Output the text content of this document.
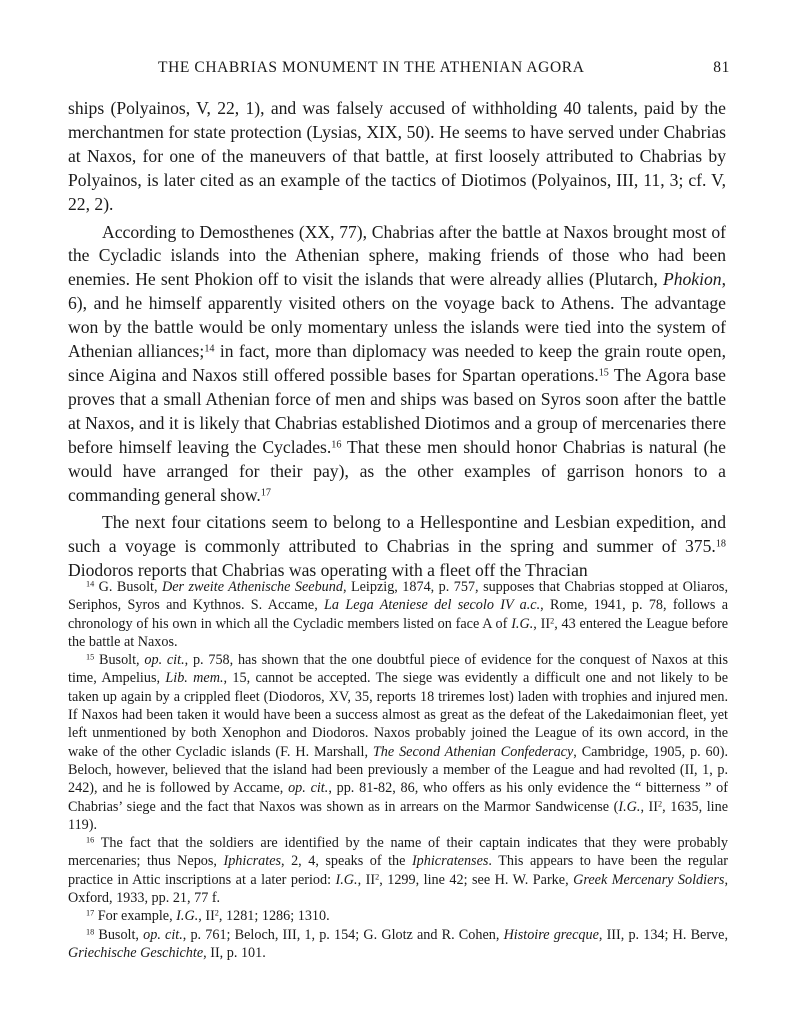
THE CHABRIAS MONUMENT IN THE ATHENIAN AGORA	81

ships (Polyainos, V, 22, 1), and was falsely accused of withholding 40 talents, paid by the merchantmen for state protection (Lysias, XIX, 50). He seems to have served under Chabrias at Naxos, for one of the maneuvers of that battle, at first loosely attributed to Chabrias by Polyainos, is later cited as an example of the tactics of Diotimos (Polyainos, III, 11, 3; cf. V, 22, 2).

According to Demosthenes (XX, 77), Chabrias after the battle at Naxos brought most of the Cycladic islands into the Athenian sphere, making friends of those who had been enemies. He sent Phokion off to visit the islands that were already allies (Plutarch, Phokion, 6), and he himself apparently visited others on the voyage back to Athens. The advantage won by the battle would be only momentary unless the islands were tied into the system of Athenian alliances;$^{14}$ in fact, more than diplomacy was needed to keep the grain route open, since Aigina and Naxos still offered possible bases for Spartan operations.$^{15}$ The Agora base proves that a small Athenian force of men and ships was based on Syros soon after the battle at Naxos, and it is likely that Chabrias established Diotimos and a group of mercenaries there before himself leaving the Cyclades.$^{16}$ That these men should honor Chabrias is natural (he would have arranged for their pay), as the other examples of garrison honors to a commanding general show.$^{17}$

The next four citations seem to belong to a Hellespontine and Lesbian expedition, and such a voyage is commonly attributed to Chabrias in the spring and summer of 375.18 Diodoros reports that Chabrias was operating with a fleet off the Thracian

$^{14}$ G. Busolt, Der zweite Athenische Seebund, Leipzig, 1874, p. 757, supposes that Chabrias stopped at Oliaros, Seriphos, Syros and Kythnos. S. Accame, La Lega Ateniese del secolo IV a.c., Rome, 1941, p. 78, follows a chronology of his own in which all the Cycladic members listed on face A of I.G., $II^2$, 43 entered the League before the battle at Naxos.

$^{15}$ Busolt, op. cit., p. 758, has shown that the one doubtful piece of evidence for the conquest of Naxos at this time, Ampelius, Lib. mem., 15, cannot be accepted. The siege was evidently a difficult one and not likely to be taken up again by a crippled fleet (Diodoros, XV, 35, reports 18 triremes lost) laden with trophies and injured men. If Naxos had been taken it would have been a success almost as great as the defeat of the Lakedaimonian fleet, yet left unmentioned by both Xenophon and Diodoros. Naxos probably joined the League of its own accord, in the wake of the other Cycladic islands (F. H. Marshall, The Second Athenian Confederacy, Cambridge, 1905, p. 60). Beloch, however, believed that the island had been previously a member of the League and had revolted (II, 1, p. 242), and he is followed by Accame, op. cit., pp. 81-82, 86, who offers as his only evidence the “ bitterness ” of Chabrias’ siege and the fact that Naxos was shown as in arrears on the Marmor Sandwicense (I.G., $II^2$, 1635, line 119).

$^{16}$ The fact that the soldiers are identified by the name of their captain indicates that they were probably mercenaries; thus Nepos, Iphicrates, 2, 4, speaks of the Iphicratenses. This appears to have been the regular practice in Attic inscriptions at a later period: I.G., $II^2$, 1299, line 42; see H. W. Parke, Greek Mercenary Soldiers, Oxford, 1933, pp. 21, 77 f.

$^{17}$ For example, I.G., $II^2$, 1281; 1286; 1310.

$^{18}$ Busolt, op. cit., p. 761; Beloch, III, 1, p. 154; G. Glotz and R. Cohen, Histoire grecque, III, p. 134; H. Berve, Griechische Geschichte, II, p. 101.
